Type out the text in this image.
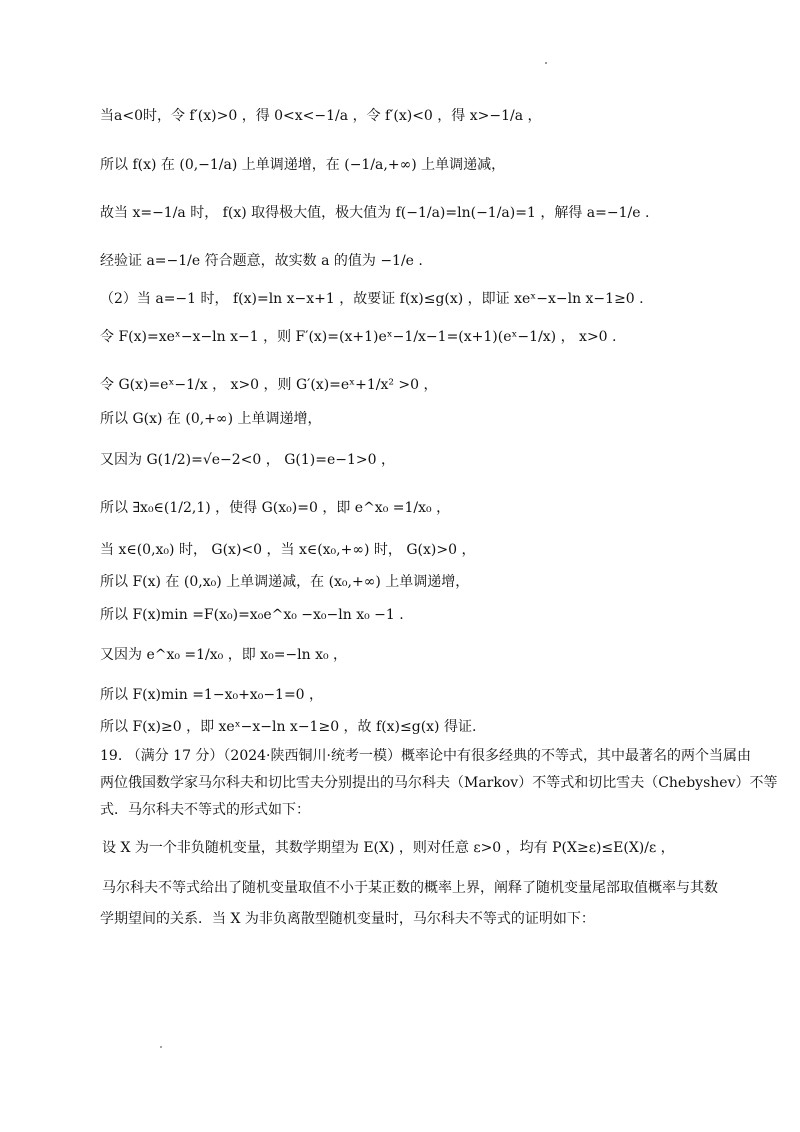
当a<0时，令 f′(x)>0 ，得 0<x<−1/a ，令 f′(x)<0 ，得 x>−1/a ，
所以 f(x) 在 (0,−1/a) 上单调递增，在 (−1/a,+∞) 上单调递减，
故当 x=−1/a 时， f(x) 取得极大值，极大值为 f(−1/a)=ln(−1/a)=1 ，解得 a=−1/e .
经验证 a=−1/e 符合题意，故实数 a 的值为 −1/e .
（2）当 a=−1 时， f(x)=ln x−x+1 ，故要证 f(x)≤g(x) ，即证 xeˣ−x−ln x−1≥0 .
令 F(x)=xeˣ−x−ln x−1 ，则 F′(x)=(x+1)eˣ−1/x−1=(x+1)(eˣ−1/x) ， x>0 .
令 G(x)=eˣ−1/x ， x>0 ，则 G′(x)=eˣ+1/x² >0 ，
所以 G(x) 在 (0,+∞) 上单调递增，
又因为 G(1/2)=√e−2<0 ， G(1)=e−1>0 ，
所以 ∃x₀∈(1/2,1) ，使得 G(x₀)=0 ，即 e^x₀ =1/x₀ ，
当 x∈(0,x₀) 时， G(x)<0 ，当 x∈(x₀,+∞) 时， G(x)>0 ，
所以 F(x) 在 (0,x₀) 上单调递减，在 (x₀,+∞) 上单调递增，
所以 F(x)min =F(x₀)=x₀e^x₀ −x₀−ln x₀ −1 .
又因为 e^x₀ =1/x₀ ，即 x₀=−ln x₀ ，
所以 F(x)min =1−x₀+x₀−1=0 ，
所以 F(x)≥0 ，即 xeˣ−x−ln x−1≥0 ，故 f(x)≤g(x) 得证.
19. （满分 17 分）（2024·陕西铜川·统考一模）概率论中有很多经典的不等式，其中最著名的两个当属由
两位俄国数学家马尔科夫和切比雪夫分别提出的马尔科夫（Markov）不等式和切比雪夫（Chebyshev）不等
式．马尔科夫不等式的形式如下：
设 X 为一个非负随机变量，其数学期望为 E(X) ，则对任意 ε>0 ，均有 P(X≥ε)≤E(X)/ε ，
马尔科夫不等式给出了随机变量取值不小于某正数的概率上界，阐释了随机变量尾部取值概率与其数
学期望间的关系．当 X 为非负离散型随机变量时，马尔科夫不等式的证明如下：
